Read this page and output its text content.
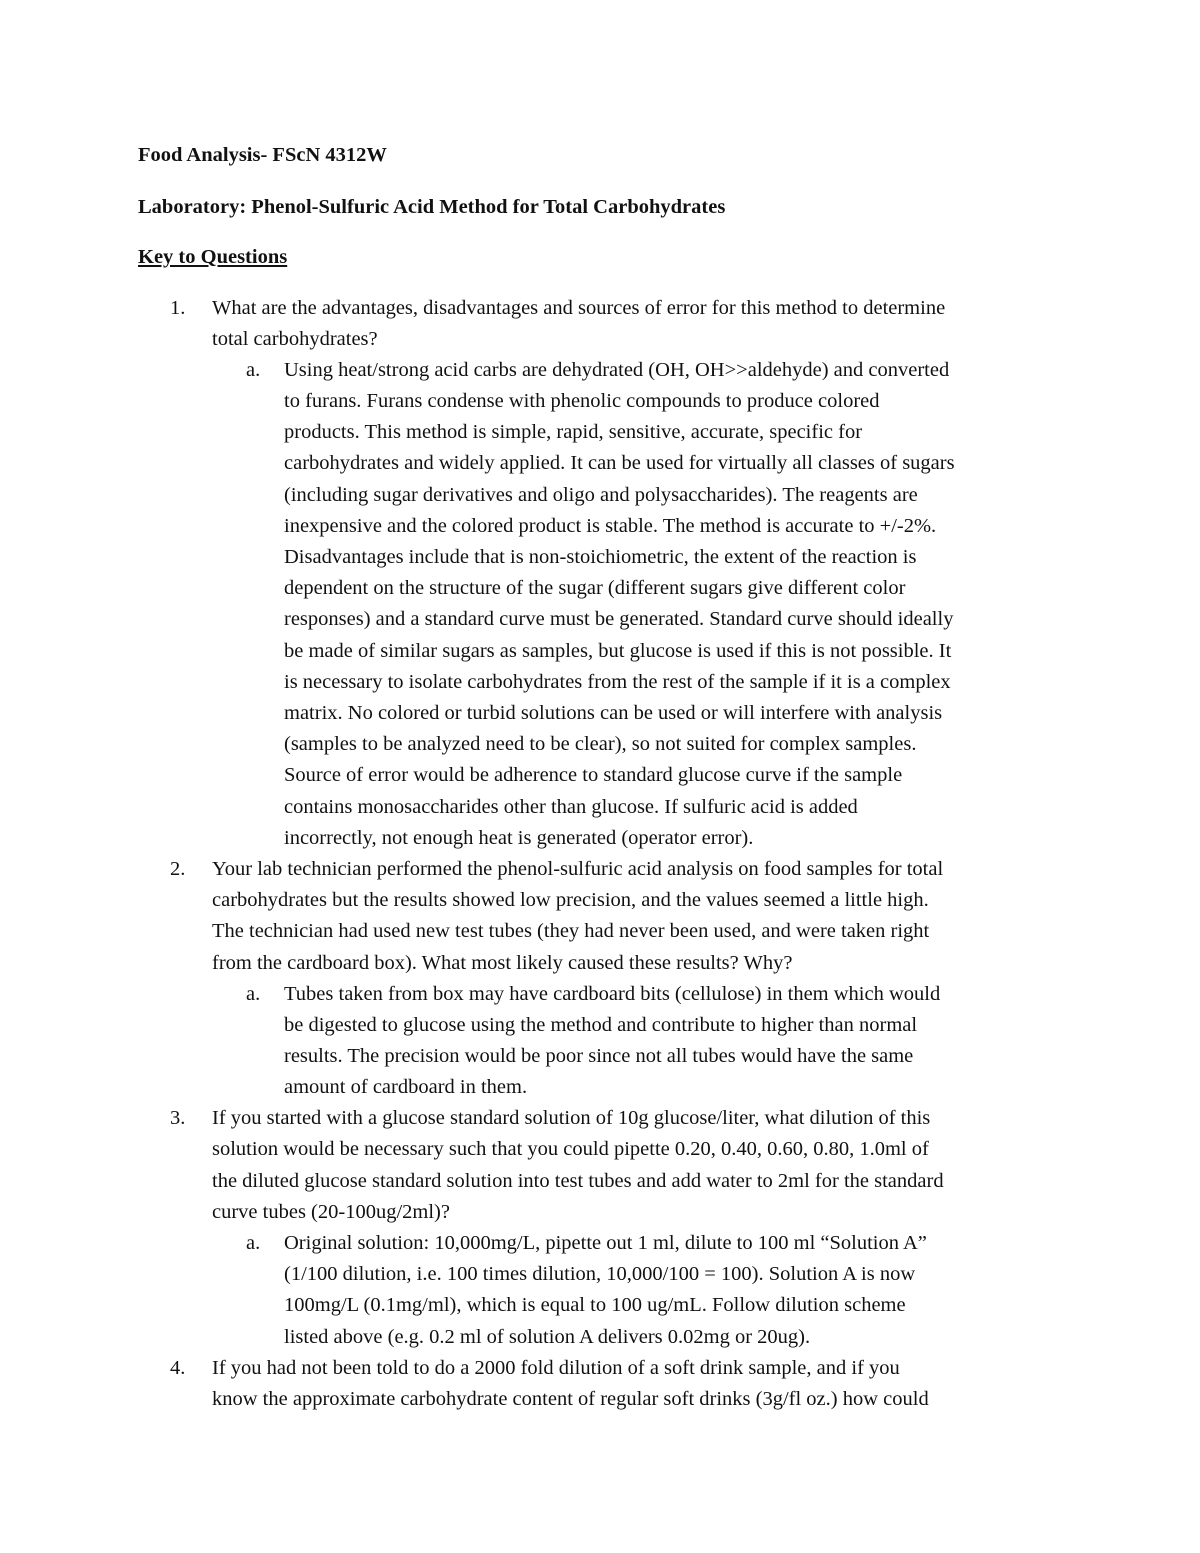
Food Analysis- FScN 4312W
Laboratory: Phenol-Sulfuric Acid Method for Total Carbohydrates
Key to Questions
1. What are the advantages, disadvantages and sources of error for this method to determine
total carbohydrates?
a. Using heat/strong acid carbs are dehydrated (OH, OH>>aldehyde) and converted
to furans. Furans condense with phenolic compounds to produce colored
products. This method is simple, rapid, sensitive, accurate, specific for
carbohydrates and widely applied. It can be used for virtually all classes of sugars
(including sugar derivatives and oligo and polysaccharides). The reagents are
inexpensive and the colored product is stable. The method is accurate to +/-2%.
Disadvantages include that is non-stoichiometric, the extent of the reaction is
dependent on the structure of the sugar (different sugars give different color
responses) and a standard curve must be generated. Standard curve should ideally
be made of similar sugars as samples, but glucose is used if this is not possible. It
is necessary to isolate carbohydrates from the rest of the sample if it is a complex
matrix. No colored or turbid solutions can be used or will interfere with analysis
(samples to be analyzed need to be clear), so not suited for complex samples.
Source of error would be adherence to standard glucose curve if the sample
contains monosaccharides other than glucose. If sulfuric acid is added
incorrectly, not enough heat is generated (operator error).
2. Your lab technician performed the phenol-sulfuric acid analysis on food samples for total
carbohydrates but the results showed low precision, and the values seemed a little high.
The technician had used new test tubes (they had never been used, and were taken right
from the cardboard box). What most likely caused these results? Why?
a. Tubes taken from box may have cardboard bits (cellulose) in them which would
be digested to glucose using the method and contribute to higher than normal
results. The precision would be poor since not all tubes would have the same
amount of cardboard in them.
3. If you started with a glucose standard solution of 10g glucose/liter, what dilution of this
solution would be necessary such that you could pipette 0.20, 0.40, 0.60, 0.80, 1.0ml of
the diluted glucose standard solution into test tubes and add water to 2ml for the standard
curve tubes (20-100ug/2ml)?
a. Original solution: 10,000mg/L, pipette out 1 ml, dilute to 100 ml “Solution A”
(1/100 dilution, i.e. 100 times dilution, 10,000/100 = 100). Solution A is now
100mg/L (0.1mg/ml), which is equal to 100 ug/mL. Follow dilution scheme
listed above (e.g. 0.2 ml of solution A delivers 0.02mg or 20ug).
4. If you had not been told to do a 2000 fold dilution of a soft drink sample, and if you
know the approximate carbohydrate content of regular soft drinks (3g/fl oz.) how could
